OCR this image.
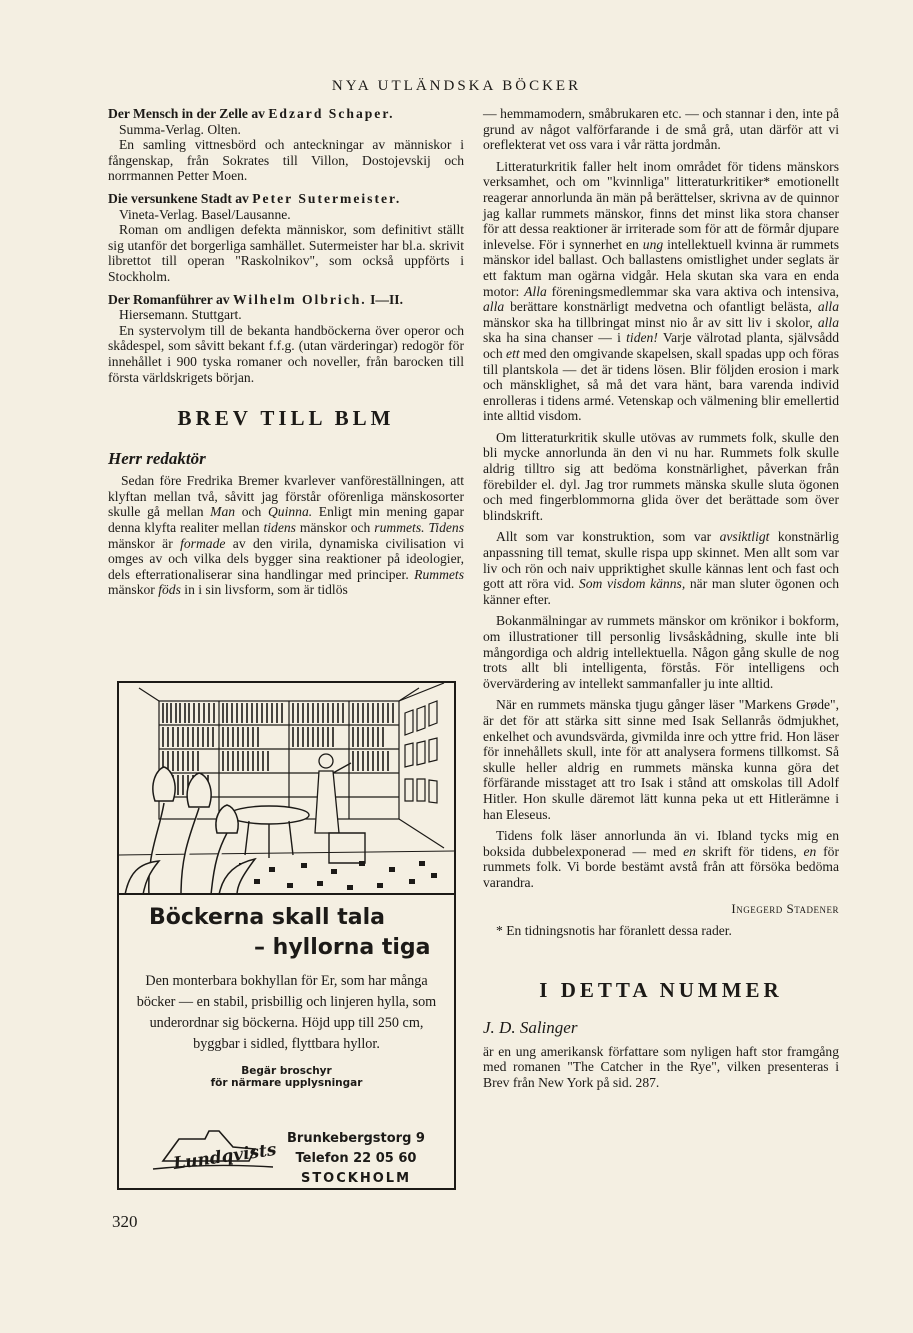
NYA UTLÄNDSKA BÖCKER

Der Mensch in der Zelle av Edzard Schaper.

Summa-Verlag. Olten.

En samling vittnesbörd och anteckningar av människor i fångenskap, från Sokrates till Villon, Dostojevskij och norrmannen Petter Moen.

Die versunkene Stadt av Peter Sutermeister.

Vineta-Verlag. Basel/Lausanne.

Roman om andligen defekta människor, som definitivt ställt sig utanför det borgerliga samhället. Sutermeister har bl.a. skrivit librettot till operan "Raskolnikov", som också uppförts i Stockholm.

Der Romanführer av Wilhelm Olbrich. I—II.

Hiersemann. Stuttgart.

En systervolym till de bekanta handböckerna över operor och skådespel, som såvitt bekant f.f.g. (utan värderingar) redogör för innehållet i 900 tyska romaner och noveller, från barocken till första världskrigets början.

BREV TILL BLM
Herr redaktör

Sedan före Fredrika Bremer kvarlever vanföreställningen, att klyftan mellan två, såvitt jag förstår oförenliga mänskosorter skulle gå mellan Man och Quinna. Enligt min mening gapar denna klyfta realiter mellan tidens mänskor och rummets. Tidens mänskor är formade av den virila, dynamiska civilisation vi omges av och vilka dels bygger sina reaktioner på ideologier, dels efterrationaliserar sina handlingar med principer. Rummets mänskor föds in i sin livsform, som är tidlös

Böckerna skall tala
– hyllorna tiga
Den monterbara bokhyllan för Er, som har många böcker — en stabil, prisbillig och linjeren hylla, som underordnar sig böckerna. Höjd upp till 250 cm, byggbar i sidled, flyttbara hyllor.
Begär broschyr
för närmare upplysningar
Lundqvists
Brunkebergstorg 9
Telefon 22 05 60
STOCKHOLM

— hemmamodern, småbrukaren etc. — och stannar i den, inte på grund av något valförfarande i de små grå, utan därför att vi oreflekterat vet oss vara i vår rätta jordmån.

Litteraturkritik faller helt inom området för tidens mänskors verksamhet, och om "kvinnliga" litteraturkritiker* emotionellt reagerar annorlunda än män på berättelser, skrivna av de quinnor jag kallar rummets mänskor, finns det minst lika stora chanser för att dessa reaktioner är irriterade som för att de förmår djupare inlevelse. För i synnerhet en ung intellektuell kvinna är rummets mänskor idel ballast. Och ballastens omistlighet under seglats är ett faktum man ogärna vidgår. Hela skutan ska vara en enda motor: Alla föreningsmedlemmar ska vara aktiva och intensiva, alla berättare konstnärligt medvetna och ofantligt belästa, alla mänskor ska ha tillbringat minst nio år av sitt liv i skolor, alla ska ha sina chanser — i tiden! Varje välrotad planta, självsådd och ett med den omgivande skapelsen, skall spadas upp och föras till plantskola — det är tidens lösen. Blir följden erosion i mark och mänsklighet, så må det vara hänt, bara varenda individ enrolleras i tidens armé. Vetenskap och välmening blir emellertid inte alltid visdom.

Om litteraturkritik skulle utövas av rummets folk, skulle den bli mycke annorlunda än den vi nu har. Rummets folk skulle aldrig tilltro sig att bedöma konstnärlighet, påverkan från förebilder el. dyl. Jag tror rummets mänska skulle sluta ögonen och med fingerblommorna glida över det berättade som över blindskrift.

Allt som var konstruktion, som var avsiktligt konstnärlig anpassning till temat, skulle rispa upp skinnet. Men allt som var liv och rön och naiv uppriktighet skulle kännas lent och fast och gott att röra vid. Som visdom känns, när man sluter ögonen och känner efter.

Bokanmälningar av rummets mänskor om krönikor i bokform, om illustrationer till personlig livsåskådning, skulle inte bli mångordiga och aldrig intellektuella. Någon gång skulle de nog trots allt bli intelligenta, förstås. För intelligens och övervärdering av intellekt sammanfaller ju inte alltid.

När en rummets mänska tjugu gånger läser "Markens Grøde", är det för att stärka sitt sinne med Isak Sellanrås ödmjukhet, enkelhet och avundsvärda, givmilda inre och yttre frid. Hon läser för innehållets skull, inte för att analysera formens tillkomst. Så skulle heller aldrig en rummets mänska kunna göra det förfärande misstaget att tro Isak i stånd att omskolas till Adolf Hitler. Hon skulle däremot lätt kunna peka ut ett Hitlerämne i han Eleseus.

Tidens folk läser annorlunda än vi. Ibland tycks mig en boksida dubbelexponerad — med en skrift för tidens, en för rummets folk. Vi borde bestämt avstå från att försöka bedöma varandra.

Ingegerd Stadener

* En tidningsnotis har föranlett dessa rader.

I DETTA NUMMER
J. D. Salinger

är en ung amerikansk författare som nyligen haft stor framgång med romanen "The Catcher in the Rye", vilken presenteras i Brev från New York på sid. 287.

320
